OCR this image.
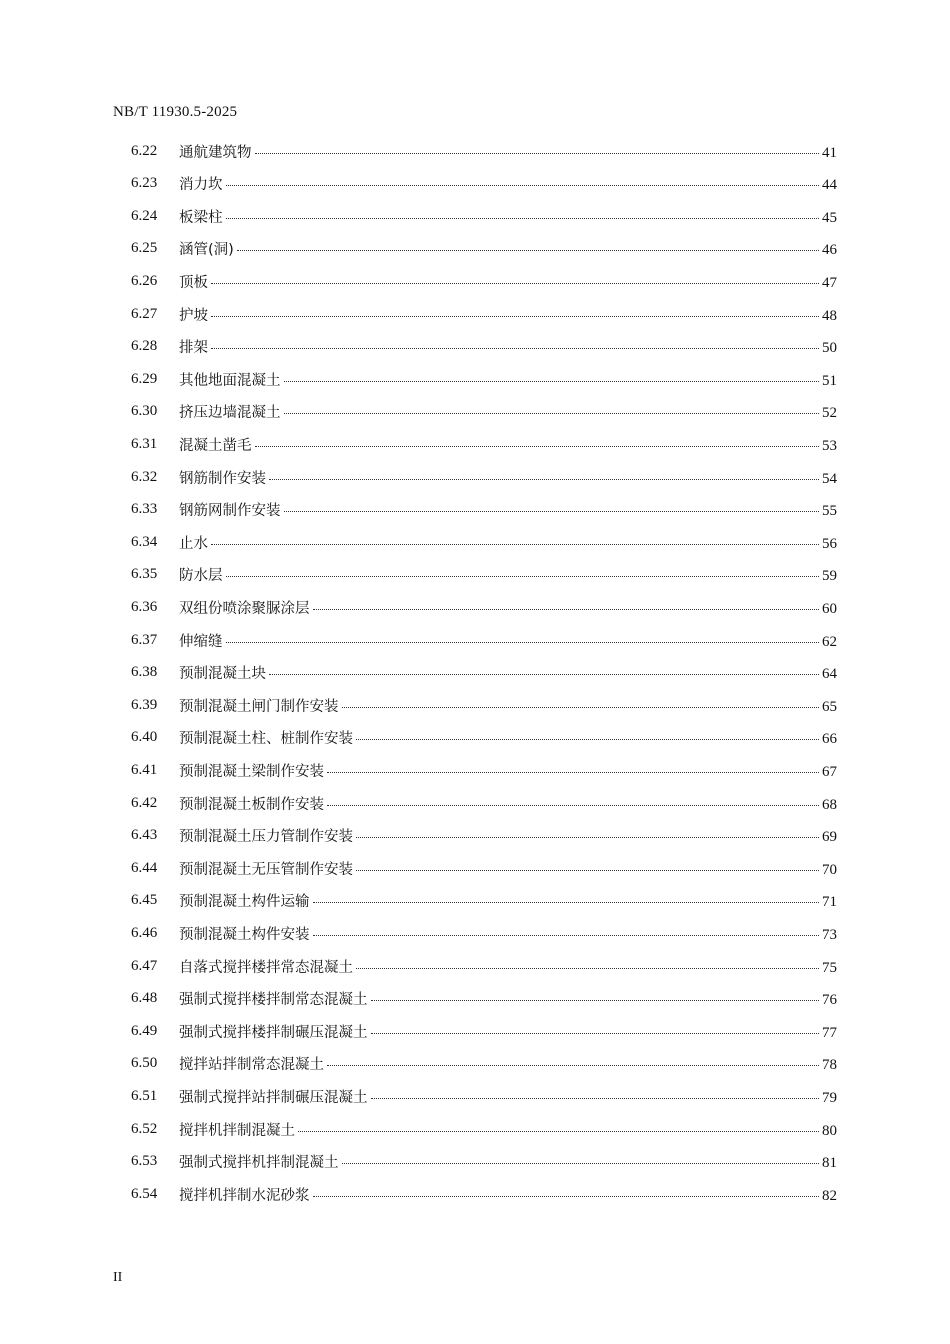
NB/T 11930.5-2025
6.22 通航建筑物	41
6.23 消力坎	44
6.24 板梁柱	45
6.25 涵管(洞)	46
6.26 顶板	47
6.27 护坡	48
6.28 排架	50
6.29 其他地面混凝土	51
6.30 挤压边墙混凝土	52
6.31 混凝土凿毛	53
6.32 钢筋制作安装	54
6.33 钢筋网制作安装	55
6.34 止水	56
6.35 防水层	59
6.36 双组份喷涂聚脲涂层	60
6.37 伸缩缝	62
6.38 预制混凝土块	64
6.39 预制混凝土闸门制作安装	65
6.40 预制混凝土柱、桩制作安装	66
6.41 预制混凝土梁制作安装	67
6.42 预制混凝土板制作安装	68
6.43 预制混凝土压力管制作安装	69
6.44 预制混凝土无压管制作安装	70
6.45 预制混凝土构件运输	71
6.46 预制混凝土构件安装	73
6.47 自落式搅拌楼拌常态混凝土	75
6.48 强制式搅拌楼拌制常态混凝土	76
6.49 强制式搅拌楼拌制碾压混凝土	77
6.50 搅拌站拌制常态混凝土	78
6.51 强制式搅拌站拌制碾压混凝土	79
6.52 搅拌机拌制混凝土	80
6.53 强制式搅拌机拌制混凝土	81
6.54 搅拌机拌制水泥砂浆	82
II
